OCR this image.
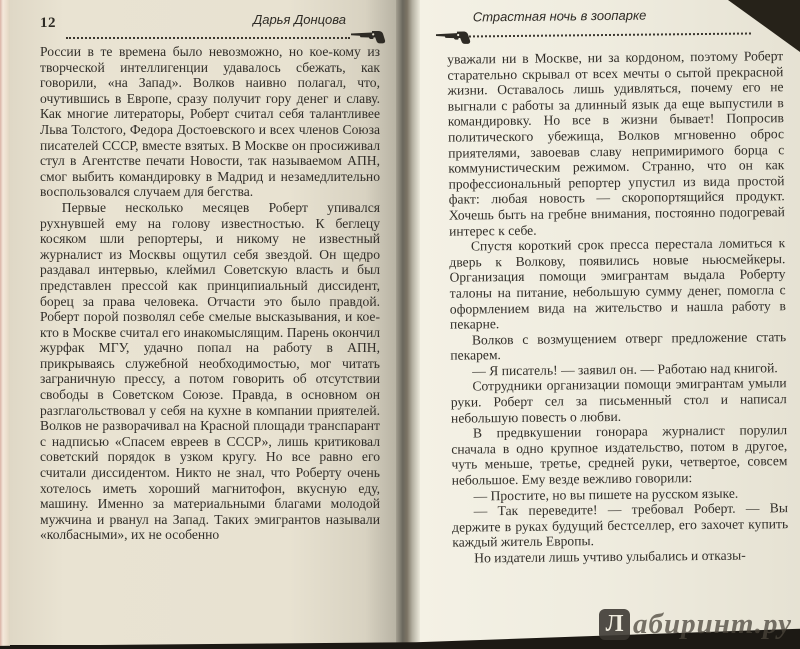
12	Дарья Донцова

России в те времена было невозможно, но кое-кому из творческой интеллигенции удавалось сбежать, как говорили, «на Запад». Волков наивно полагал, что, очутившись в Европе, сразу получит гору денег и славу. Как многие литераторы, Роберт считал себя талантливее Льва Толстого, Федора Достоевского и всех членов Союза писателей СССР, вместе взятых. В Москве он просиживал стул в Агентстве печати Новости, так называемом АПН, смог выбить командировку в Мадрид и незамедлительно воспользовался случаем для бегства.

Первые несколько месяцев Роберт упивался рухнувшей ему на голову известностью. К беглецу косяком шли репортеры, и никому не известный журналист из Москвы ощутил себя звездой. Он щедро раздавал интервью, клеймил Советскую власть и был представлен прессой как принципиальный диссидент, борец за права человека. Отчасти это было правдой. Роберт порой позволял себе смелые высказывания, и кое-кто в Москве считал его инакомыслящим. Парень окончил журфак МГУ, удачно попал на работу в АПН, прикрываясь служебной необходимостью, мог читать заграничную прессу, а потом говорить об отсутствии свободы в Советском Союзе. Правда, в основном он разглагольствовал у себя на кухне в компании приятелей. Волков не разворачивал на Красной площади транспарант с надписью «Спасем евреев в СССР», лишь критиковал советский порядок в узком кругу. Но все равно его считали диссидентом. Никто не знал, что Роберту очень хотелось иметь хороший магнитофон, вкусную еду, машину. Именно за материальными благами молодой мужчина и рванул на Запад. Таких эмигрантов называли «колбасными», их не особенно

Страстная ночь в зоопарке	13

уважали ни в Москве, ни за кордоном, поэтому Роберт старательно скрывал от всех мечты о сытой прекрасной жизни. Оставалось лишь удивляться, почему его не выгнали с работы за длинный язык да еще выпустили в командировку. Но все в жизни бывает! Попросив политического убежища, Волков мгновенно оброс приятелями, завоевав славу непримиримого борца с коммунистическим режимом. Странно, что он как профессиональный репортер упустил из вида простой факт: любая новость — скоропортящийся продукт. Хочешь быть на гребне внимания, постоянно подогревай интерес к себе.

Спустя короткий срок пресса перестала ломиться к дверь к Волкову, появились новые ньюсмейкеры. Организация помощи эмигрантам выдала Роберту талоны на питание, небольшую сумму денег, помогла с оформлением вида на жительство и нашла работу в пекарне.

Волков с возмущением отверг предложение стать пекарем.

— Я писатель! — заявил он. — Работаю над книгой.

Сотрудники организации помощи эмигрантам умыли руки. Роберт сел за письменный стол и написал небольшую повесть о любви.

В предвкушении гонорара журналист порулил сначала в одно крупное издательство, потом в другое, чуть меньше, третье, средней руки, четвертое, совсем небольшое. Ему везде вежливо говорили:

— Простите, но вы пишете на русском языке.

— Так переведите! — требовал Роберт. — Вы держите в руках будущий бестселлер, его захочет купить каждый житель Европы.

Но издатели лишь учтиво улыбались и отказы-

Л абиринт.ру
